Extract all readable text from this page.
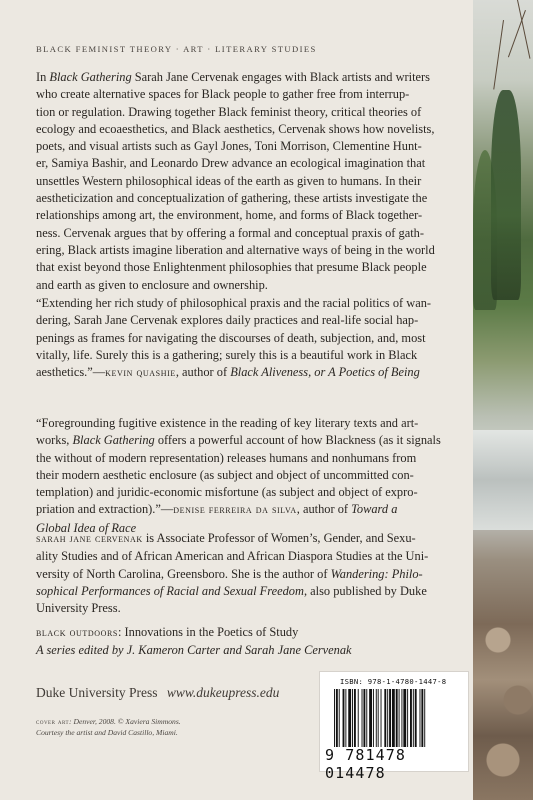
BLACK FEMINIST THEORY · ART · LITERARY STUDIES
In Black Gathering Sarah Jane Cervenak engages with Black artists and writers
who create alternative spaces for Black people to gather free from interrup-
tion or regulation. Drawing together Black feminist theory, critical theories of
ecology and ecoaesthetics, and Black aesthetics, Cervenak shows how novelists,
poets, and visual artists such as Gayl Jones, Toni Morrison, Clementine Hunt-
er, Samiya Bashir, and Leonardo Drew advance an ecological imagination that
unsettles Western philosophical ideas of the earth as given to humans. In their
aestheticization and conceptualization of gathering, these artists investigate the
relationships among art, the environment, home, and forms of Black together-
ness. Cervenak argues that by offering a formal and conceptual praxis of gath-
ering, Black artists imagine liberation and alternative ways of being in the world
that exist beyond those Enlightenment philosophies that presume Black people
and earth as given to enclosure and ownership.
“Extending her rich study of philosophical praxis and the racial politics of wan-
dering, Sarah Jane Cervenak explores daily practices and real-life social hap-
penings as frames for navigating the discourses of death, subjection, and, most
vitally, life. Surely this is a gathering; surely this is a beautiful work in Black
aesthetics.”—kevin quashie, author of Black Aliveness, or A Poetics of Being
“Foregrounding fugitive existence in the reading of key literary texts and art-
works, Black Gathering offers a powerful account of how Blackness (as it signals
the without of modern representation) releases humans and nonhumans from
their modern aesthetic enclosure (as subject and object of uncommitted con-
templation) and juridic-economic misfortune (as subject and object of expro-
priation and extraction).”—denise ferreira da silva, author of Toward a
Global Idea of Race
sarah jane cervenak is Associate Professor of Women’s, Gender, and Sexu-
ality Studies and of African American and African Diaspora Studies at the Uni-
versity of North Carolina, Greensboro. She is the author of Wandering: Philo-
sophical Performances of Racial and Sexual Freedom, also published by Duke
University Press.
black outdoors: Innovations in the Poetics of Study
A series edited by J. Kameron Carter and Sarah Jane Cervenak
Duke University Press www.dukeupress.edu
cover art: Denver, 2008. © Xaviera Simmons.
Courtesy the artist and David Castillo, Miami.
ISBN: 978-1-4780-1447-8
9 781478 014478
